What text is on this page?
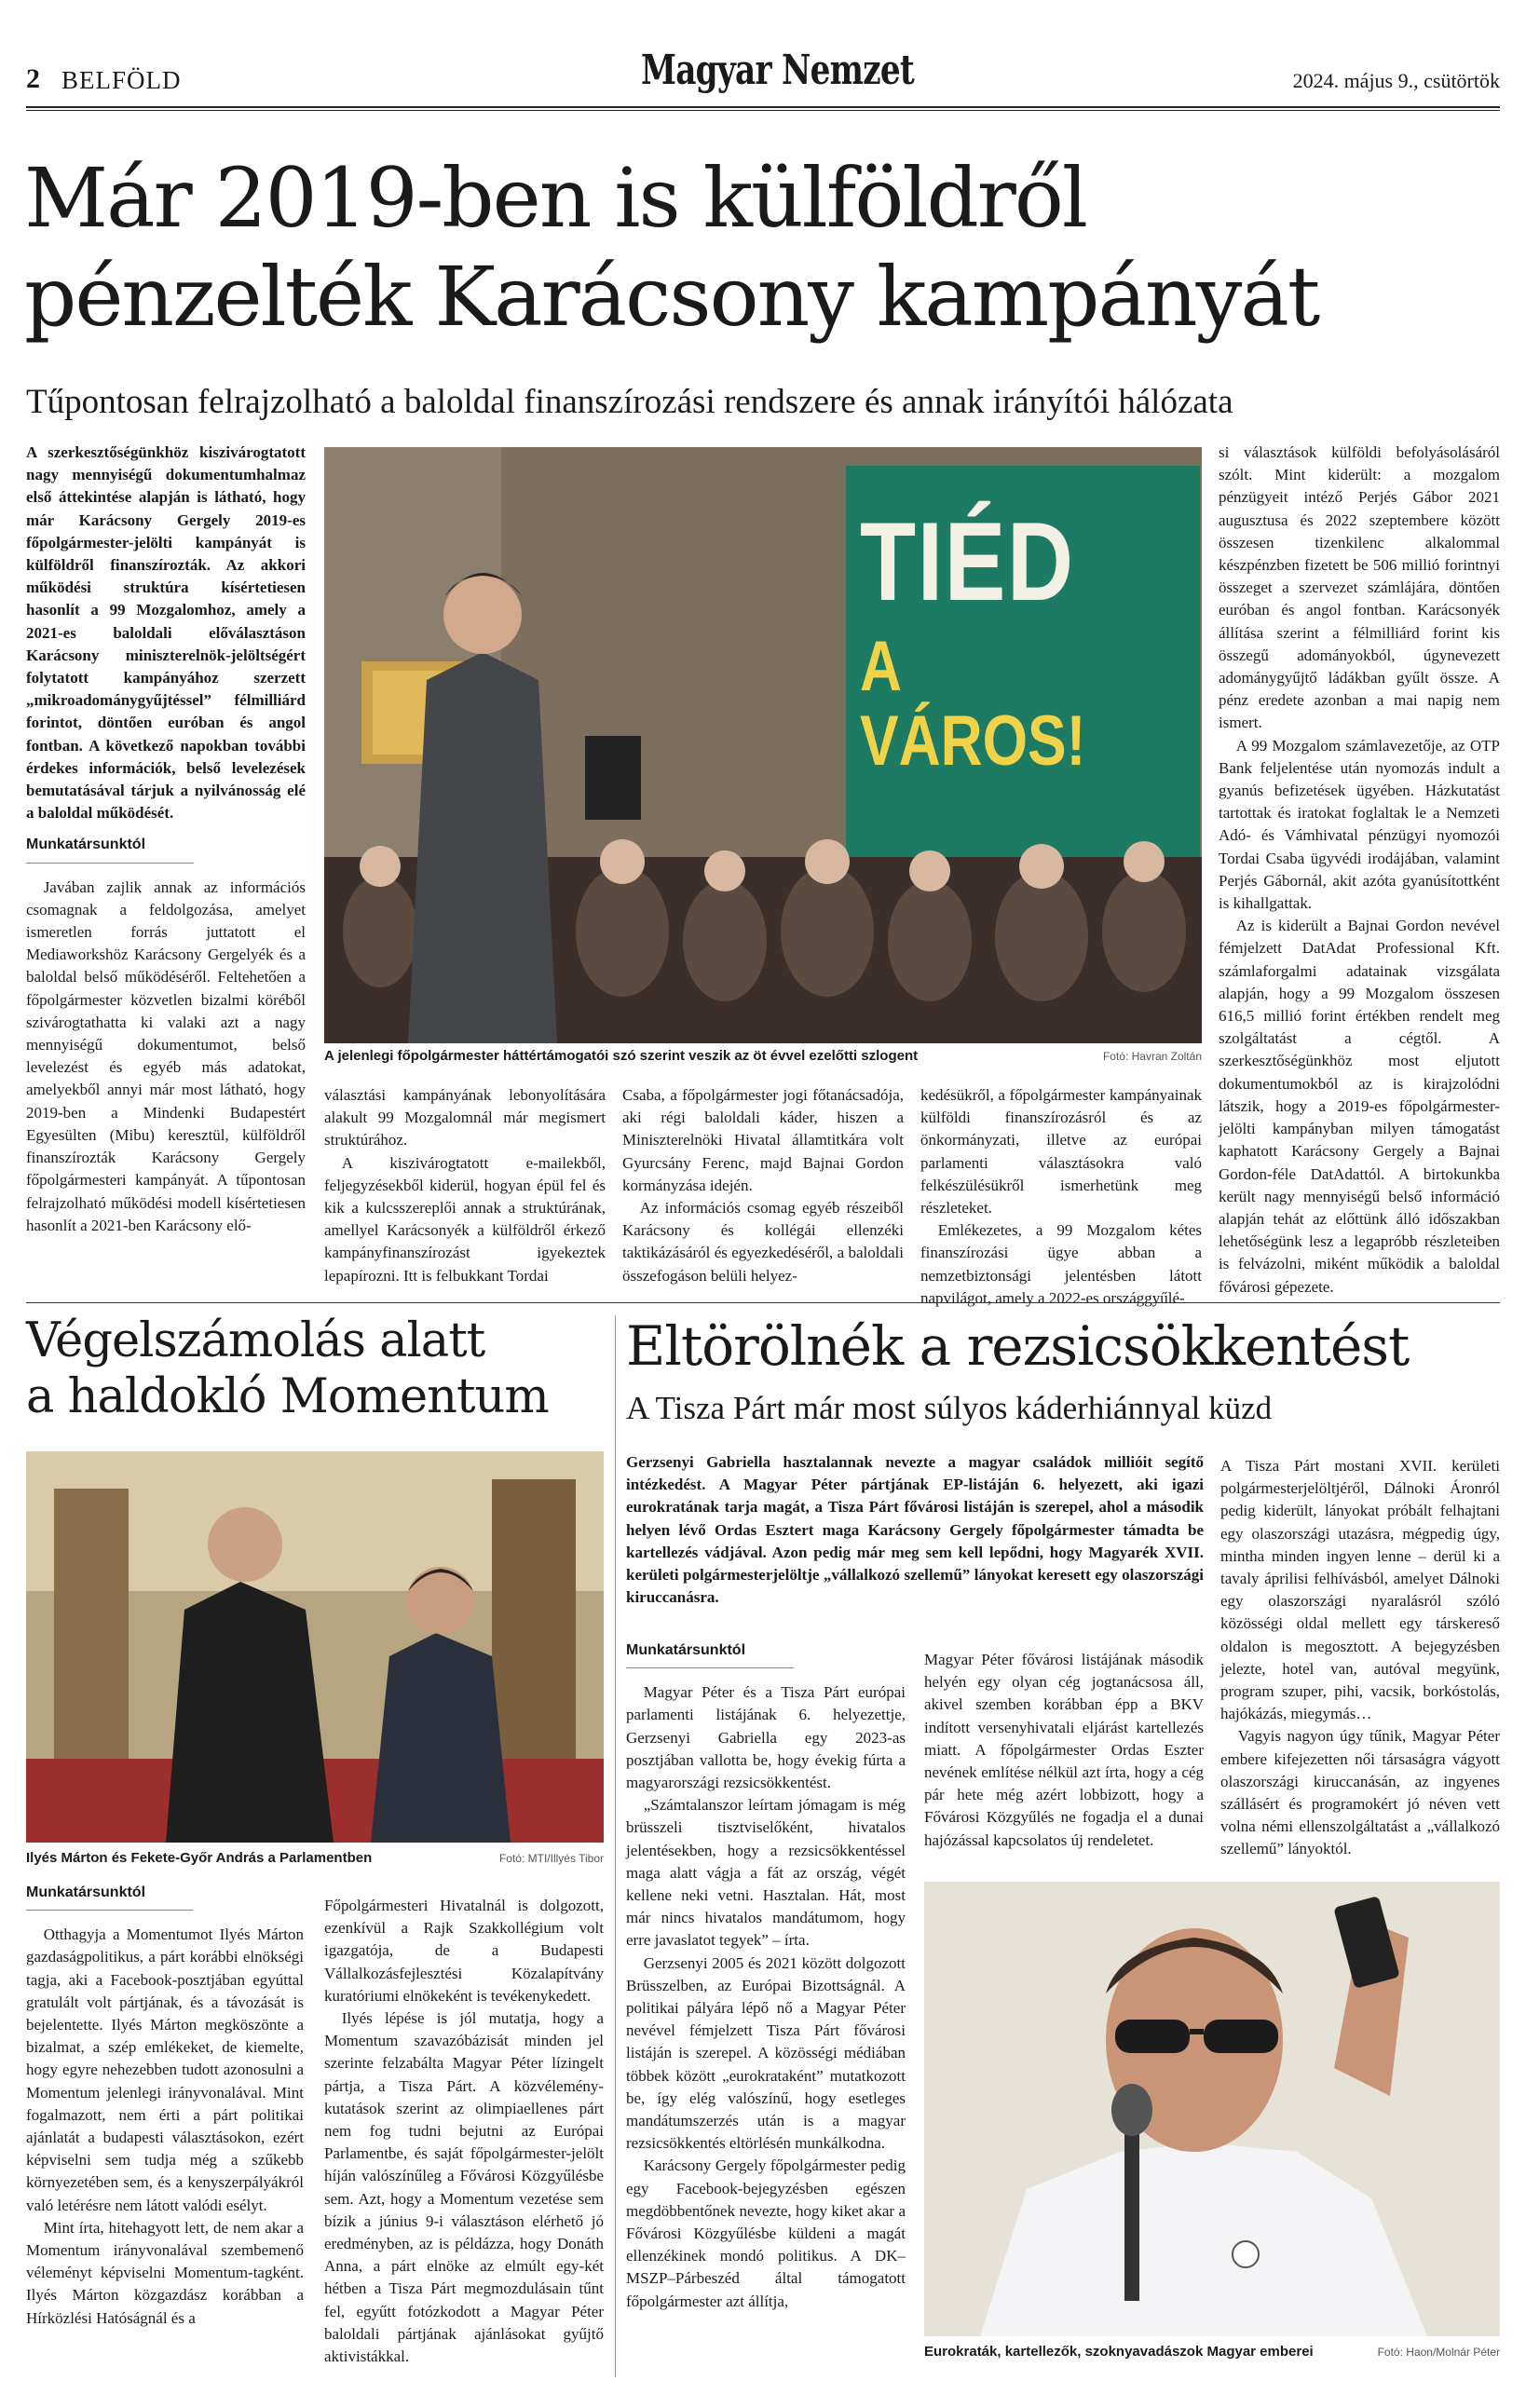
2 BELFÖLD	Magyar Nemzet	2024. május 9., csütörtök
Már 2019-ben is külföldről
pénzelték Karácsony kampányát
Tűpontosan felrajzolható a baloldal finanszírozási rendszere és annak irányítói hálózata

A szerkesztőségünkhöz kiszivárogtatott nagy mennyiségű dokumentumhalmaz első áttekintése alapján is látható, hogy már Karácsony Gergely 2019-es főpolgármester-jelölti kampányát is külföldről finanszírozták. Az akkori működési struktúra kísértetiesen hasonlít a 99 Mozgalomhoz, amely a 2021-es baloldali előválasztáson Karácsony miniszterelnök-jelöltségért folytatott kampányához szerzett „mikroadománygyűjtéssel” félmilliárd forintot, döntően euróban és angol fontban. A következő napokban további érdekes információk, belső levelezések bemutatásával tárjuk a nyilvánosság elé a baloldal működését.

Munkatársunktól

Javában zajlik annak az információs csomagnak a feldolgozása, amelyet ismeretlen forrás juttatott el Mediaworkshöz Karácsony Gergelyék és a baloldal belső működéséről. Feltehetően a főpolgármester közvetlen bizalmi köréből szivárogtathatta ki valaki azt a nagy mennyiségű dokumentumot, belső levelezést és egyéb más adatokat, amelyekből annyi már most látható, hogy 2019-ben a Mindenki Budapestért Egyesülten (Mibu) keresztül, külföldről finanszírozták Karácsony Gergely főpolgármesteri kampányát. A tűpontosan felrajzolható működési modell kísértetiesen hasonlít a 2021-ben Karácsony elő-

TIÉD
A VÁROS!
A jelenlegi főpolgármester háttértámogatói szó szerint veszik az öt évvel ezelőtti szlogent	Fotó: Havran Zoltán

választási kampányának lebonyolítására alakult 99 Mozgalomnál már megismert struktúrához.

A kiszivárogtatott e-mailekből, feljegyzésekből kiderül, hogyan épül fel és kik a kulcsszereplői annak a struktúrának, amellyel Karácsonyék a külföldről érkező kampányfinanszírozást igyekeztek lepapírozni. Itt is felbukkant Tordai

Csaba, a főpolgármester jogi főtanácsadója, aki régi baloldali káder, hiszen a Miniszterelnöki Hivatal államtitkára volt Gyurcsány Ferenc, majd Bajnai Gordon kormányzása idején.

Az információs csomag egyéb részeiből Karácsony és kollégái ellenzéki taktikázásáról és egyezkedéséről, a baloldali összefogáson belüli helyez-

kedésükről, a főpolgármester kampányainak külföldi finanszírozásról és az önkormányzati, illetve az európai parlamenti választásokra való felkészülésükről ismerhetünk meg részleteket.

Emlékezetes, a 99 Mozgalom kétes finanszírozási ügye abban a nemzetbiztonsági jelentésben látott napvilágot, amely a 2022-es országgyűlé-

si választások külföldi befolyásolásáról szólt. Mint kiderült: a mozgalom pénzügyeit intéző Perjés Gábor 2021 augusztusa és 2022 szeptembere között összesen tizenkilenc alkalommal készpénzben fizetett be 506 millió forintnyi összeget a szervezet számlájára, döntően euróban és angol fontban. Karácsonyék állítása szerint a félmilliárd forint kis összegű adományokból, úgynevezett adománygyűjtő ládákban gyűlt össze. A pénz eredete azonban a mai napig nem ismert.

A 99 Mozgalom számlavezetője, az OTP Bank feljelentése után nyomozás indult a gyanús befizetések ügyében. Házkutatást tartottak és iratokat foglaltak le a Nemzeti Adó- és Vámhivatal pénzügyi nyomozói Tordai Csaba ügyvédi irodájában, valamint Perjés Gábornál, akit azóta gyanúsítottként is kihallgattak.

Az is kiderült a Bajnai Gordon nevével fémjelzett DatAdat Professional Kft. számlaforgalmi adatainak vizsgálata alapján, hogy a 99 Mozgalom összesen 616,5 millió forint értékben rendelt meg szolgáltatást a cégtől. A szerkesztőségünkhöz most eljutott dokumentumokból az is kirajzolódni látszik, hogy a 2019-es főpolgármester-jelölti kampányban milyen támogatást kaphatott Karácsony Gergely a Bajnai Gordon-féle DatAdattól. A birtokunkba került nagy mennyiségű belső információ alapján tehát az előttünk álló időszakban lehetőségünk lesz a legapróbb részleteiben is felvázolni, miként működik a baloldal fővárosi gépezete.

Végelszámolás alatt
a haldokló Momentum
Ilyés Márton és Fekete-Győr András a Parlamentben	Fotó: MTI/Illyés Tibor
Munkatársunktól

Otthagyja a Momentumot Ilyés Márton gazdaságpolitikus, a párt korábbi elnökségi tagja, aki a Facebook-posztjában egyúttal gratulált volt pártjának, és a távozását is bejelentette. Ilyés Márton megköszönte a bizalmat, a szép emlékeket, de kiemelte, hogy egyre nehezebben tudott azonosulni a Momentum jelenlegi irányvonalával. Mint fogalmazott, nem érti a párt politikai ajánlatát a budapesti választásokon, ezért képviselni sem tudja még a szűkebb környezetében sem, és a kenyszerpályákról való letérésre nem látott valódi esélyt.

Mint írta, hitehagyott lett, de nem akar a Momentum irányvonalával szembemenő véleményt képviselni Momentum-tagként. Ilyés Márton közgazdász korábban a Hírközlési Hatóságnál és a

Főpolgármesteri Hivatalnál is dolgozott, ezenkívül a Rajk Szakkollégium volt igazgatója, de a Budapesti Vállalkozásfejlesztési Közalapítvány kuratóriumi elnökeként is tevékenykedett.

Ilyés lépése is jól mutatja, hogy a Momentum szavazóbázisát minden jel szerinte felzabálta Magyar Péter lízingelt pártja, a Tisza Párt. A közvélemény-kutatások szerint az olimpiaellenes párt nem fog tudni bejutni az Európai Parlamentbe, és saját főpolgármester-jelölt híján valószínűleg a Fővárosi Közgyűlésbe sem. Azt, hogy a Momentum vezetése sem bízik a június 9-i választáson elérhető jó eredményben, az is példázza, hogy Donáth Anna, a párt elnöke az elmúlt egy-két hétben a Tisza Párt megmozdulásain tűnt fel, egyűtt fotózkodott a Magyar Péter baloldali pártjának ajánlásokat gyűjtő aktivistákkal.

Eltörölnék a rezsicsökkentést
A Tisza Párt már most súlyos káderhiánnyal küzd

Gerzsenyi Gabriella hasztalannak nevezte a magyar családok millióit segítő intézkedést. A Magyar Péter pártjának EP-listáján 6. helyezett, aki igazi eurokratának tarja magát, a Tisza Párt fővárosi listáján is szerepel, ahol a második helyen lévő Ordas Esztert maga Karácsony Gergely főpolgármester támadta be kartellezés vádjával. Azon pedig már meg sem kell lepődni, hogy Magyarék XVII. kerületi polgármesterjelöltje „vállalkozó szellemű” lányokat keresett egy olaszországi kiruccanásra.

Munkatársunktól

Magyar Péter és a Tisza Párt európai parlamenti listájának 6. helyezettje, Gerzsenyi Gabriella egy 2023-as posztjában vallotta be, hogy évekig fúrta a magyarországi rezsicsökkentést.

„Számtalanszor leírtam jómagam is még brüsszeli tisztviselőként, hivatalos jelentésekben, hogy a rezsicsökkentéssel maga alatt vágja a fát az ország, végét kellene neki vetni. Hasztalan. Hát, most már nincs hivatalos mandátumom, hogy erre javaslatot tegyek” – írta.

Gerzsenyi 2005 és 2021 között dolgozott Brüsszelben, az Európai Bizottságnál. A politikai pályára lépő nő a Magyar Péter nevével fémjelzett Tisza Párt fővárosi listáján is szerepel. A közösségi médiában többek között „eurokrataként” mutatkozott be, így elég valószínű, hogy esetleges mandátumszerzés után is a magyar rezsicsökkentés eltörlésén munkálkodna.

Karácsony Gergely főpolgármester pedig egy Facebook-bejegyzésben egészen megdöbbentőnek nevezte, hogy kiket akar a Fővárosi Közgyűlésbe küldeni a magát ellenzékinek mondó politikus. A DK–MSZP–Párbeszéd által támogatott főpolgármester azt állítja,

Magyar Péter fővárosi listájának második helyén egy olyan cég jogtanácsosa áll, akivel szemben korábban épp a BKV indított versenyhivatali eljárást kartellezés miatt. A főpolgármester Ordas Eszter nevének említése nélkül azt írta, hogy a cég pár hete még azért lobbizott, hogy a Fővárosi Közgyűlés ne fogadja el a dunai hajózással kapcsolatos új rendeletet.

A Tisza Párt mostani XVII. kerületi polgármesterjelöltjéről, Dálnoki Áronról pedig kiderült, lányokat próbált felhajtani egy olaszországi utazásra, mégpedig úgy, mintha minden ingyen lenne – derül ki a tavaly áprilisi felhívásból, amelyet Dálnoki egy olaszországi nyaralásról szóló közösségi oldal mellett egy társkereső oldalon is megosztott. A bejegyzésben jelezte, hotel van, autóval megyünk, program szuper, pihi, vacsik, borkóstolás, hajókázás, miegymás…

Vagyis nagyon úgy tűnik, Magyar Péter embere kifejezetten női társaságra vágyott olaszországi kiruccanásán, az ingyenes szállásért és programokért jó néven vett volna némi ellenszolgáltatást a „vállalkozó szellemű” lányoktól.

Eurokraták, kartellezők, szoknyavadászok Magyar emberei	Fotó: Haon/Molnár Péter
